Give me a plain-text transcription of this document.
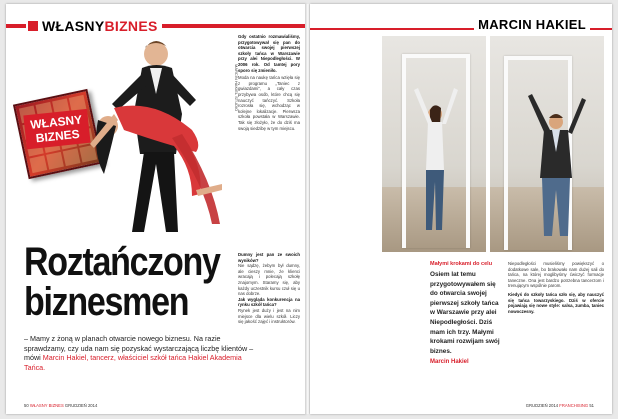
WŁASNYBIZNES
WŁASNY BIZNES
MARCIN HAKIEL STUDIO
Roztańczony
biznesmen
– Mamy z żoną w planach otwarcie nowego biznesu. Na razie sprawdzamy, czy uda nam się pozyskać wystarczającą liczbę klientów – mówi Marcin Hakiel, tancerz, właściciel szkół tańca Hakiel Akademia Tańca.
Gdy ostatnio rozmawialiśmy, przygotowywał się pan do otwarcia swojej pierwszej szkoły tańca w Warszawie przy alei Niepodległości. W 2006 rok. Od tamtej pory sporo się zmieniło.
Moda na naukę tańca wzięła się z programu „Taniec z gwiazdami”, a cały czas przybywa osób, które chcą się nauczyć tańczyć. Szkoła rozrosła się, wchodząc w kolejne lokalizacje. Pierwsza szkoła powstała w Warszawie. Tak się złożyło, że do dziś ma swoją siedzibę w tym miejscu.
Dumny jest pan ze swoich wyników?
Nie sądzę, żebym był dumny, ale cieszy mnie, że klienci wracają i polecają szkołę znajomym. Staramy się, aby każdy uczestnik kursu czuł się u nas dobrze.
Jak wygląda konkurencja na rynku szkół tańca?
Rynek jest duży i jest na nim miejsce dla wielu szkół. Liczy się jakość zajęć i instruktorów.
50 WŁASNY BIZNES GRUDZIEŃ 2014
MARCIN HAKIEL
Małymi krokami do celu
Osiem lat temu przygotowywałem się do otwarcia swojej pierwszej szkoły tańca w Warszawie przy alei Niepodległości. Dziś mam ich trzy. Małymi krokami rozwijam swój biznes.
Marcin Hakiel
Niepodległości musieliśmy powiększyć o dodatkowe sale, bo brakowało nam dużej sali do tańca, na której moglibyśmy ćwiczyć formacje taneczne. Ona jest bardzo potrzebna tancerzom i trenującym wspólnie parom.
Kiedyś do szkoły tańca szło się, aby nauczyć się tańca towarzyskiego. Dziś w ofercie pojawiają się nowe style: salsa, zumba, taniec nowoczesny.
GRUDZIEŃ 2014 FRANCHISING 51
